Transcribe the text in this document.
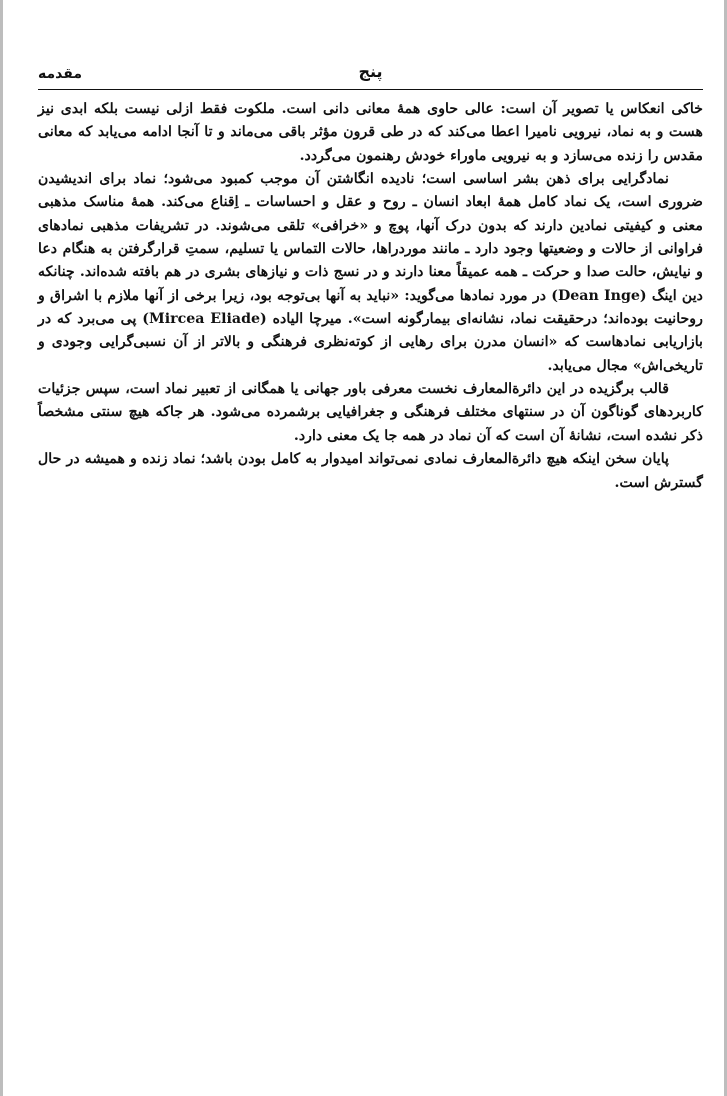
مقدمه	پنج

خاکی انعکاس یا تصویر آن است: عالی حاوی همهٔ معانی دانی است. ملکوت فقط ازلی نیست بلکه ابدی نیز هست و به نماد، نیرویی نامیرا اعطا می‌کند که در طی قرون مؤثر باقی می‌ماند و تا آنجا ادامه می‌یابد که معانی مقدس را زنده می‌سازد و به نیرویی ماوراء خودش رهنمون می‌گردد.

نمادگرایی برای ذهن بشر اساسی است؛ نادیده انگاشتن آن موجب کمبود می‌شود؛ نماد برای اندیشیدن ضروری است، یک نماد کامل همهٔ ابعاد انسان ـ روح و عقل و احساسات ـ اِقناع می‌کند. همهٔ مناسک مذهبی معنی و کیفیتی نمادین دارند که بدون درک آنها، پوچ و «خرافی» تلقی می‌شوند. در تشریفات مذهبی نمادهای فراوانی از حالات و وضعیتها وجود دارد ـ مانند موردراها، حالات التماس یا تسلیم، سمتِ قرارگرفتن به هنگام دعا و نیایش، حالت صدا و حرکت ـ همه عمیقاً معنا دارند و در نسج ذات و نیازهای بشری در هم بافته شده‌اند. چنانکه دین اینگ (Dean Inge) در مورد نمادها می‌گوید: «نباید به آنها بی‌توجه بود، زیرا برخی از آنها ملازم با اشراق و روحانیت بوده‌اند؛ درحقیقت نماد، نشانه‌ای بیمارگونه است». میرچا الیاده (Mircea Eliade) پی می‌برد که در بازاریابی نمادهاست که «انسان مدرن برای رهایی از کوته‌نظری فرهنگی و بالاتر از آن نسبی‌گرایی وجودی و تاریخی‌اش» مجال می‌یابد.

قالب برگزیده در این دائرةالمعارف نخست معرفی باور جهانی یا همگانی از تعبیر نماد است، سپس جزئیات کاربردهای گوناگون آن در سنتهای مختلف فرهنگی و جغرافیایی برشمرده می‌شود. هر جاکه هیچ سنتی مشخصاً ذکر نشده است، نشانهٔ آن است که آن نماد در همه جا یک معنی دارد.

پایان سخن اینکه هیچ دائرةالمعارف نمادی نمی‌تواند امیدوار به کامل بودن باشد؛ نماد زنده و همیشه در حال گسترش است.
